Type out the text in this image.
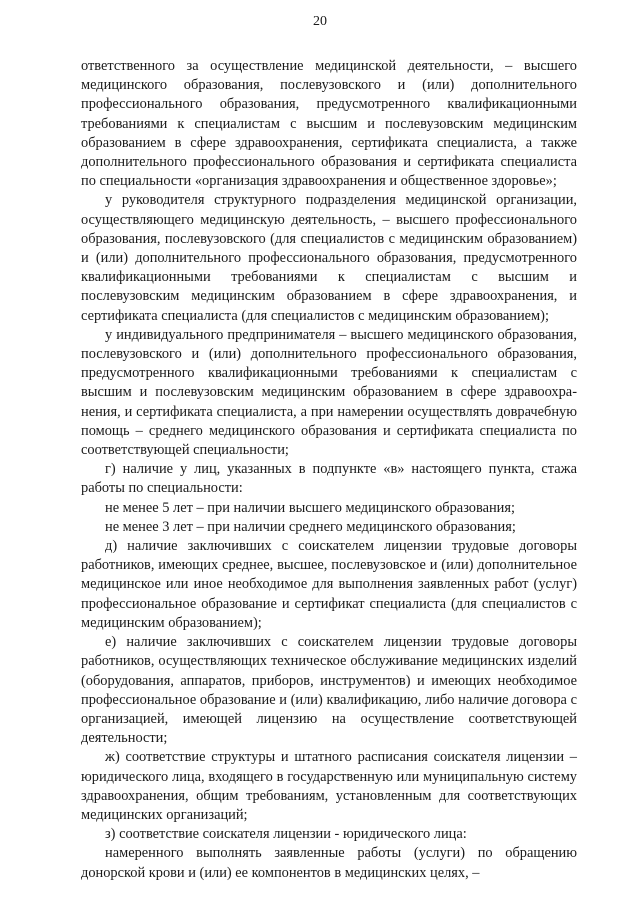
20

ответственного за осуществление медицинской деятельности, – высшего медицинского образования, послевузовского и (или) дополнительного профессионального образования, предусмотренного квалификационными требованиями к специалистам с высшим и послевузовским медицинским образованием в сфере здравоохранения, сертификата специалиста, а также дополнительного профессионального образования и сертификата специалиста по специальности «организация здравоохранения и общественное здоровье»;

у руководителя структурного подразделения медицинской организации, осуществляющего медицинскую деятельность, – высшего профессионального образования, послевузовского (для специалистов с медицинским образованием) и (или) дополнительного профессионального образования, предусмотренного квалификационными требованиями к специалистам с высшим и послевузовским медицинским образованием в сфере здравоохранения, и сертификата специалиста (для специалистов с медицинским образованием);

у индивидуального предпринимателя – высшего медицинского образования, послевузовского и (или) дополнительного профессионального образования, предусмотренного квалификационными требованиями к специалистам с высшим и послевузовским медицинским образованием в сфере здравоохранения, и сертификата специалиста, а при намерении осуществлять доврачебную помощь – среднего медицинского образования и сертификата специалиста по соответствующей специальности;

г) наличие у лиц, указанных в подпункте «в» настоящего пункта, стажа работы по специальности:

не менее 5 лет – при наличии высшего медицинского образования;

не менее 3 лет – при наличии среднего медицинского образования;

д) наличие заключивших с соискателем лицензии трудовые договоры работников, имеющих среднее, высшее, послевузовское и (или) дополнительное медицинское или иное необходимое для выполнения заявленных работ (услуг) профессиональное образование и сертификат специалиста (для специалистов с медицинским образованием);

е) наличие заключивших с соискателем лицензии трудовые договоры работников, осуществляющих техническое обслуживание медицинских изделий (оборудования, аппаратов, приборов, инструментов) и имеющих необходимое профессиональное образование и (или) квалификацию, либо наличие договора с организацией, имеющей лицензию на осуществление соответствующей деятельности;

ж) соответствие структуры и штатного расписания соискателя лицензии – юридического лица, входящего в государственную или муниципальную систему здравоохранения, общим требованиям, установленным для соответствующих медицинских организаций;

з) соответствие соискателя лицензии - юридического лица:

намеренного выполнять заявленные работы (услуги) по обращению донорской крови и (или) ее компонентов в медицинских целях, –
